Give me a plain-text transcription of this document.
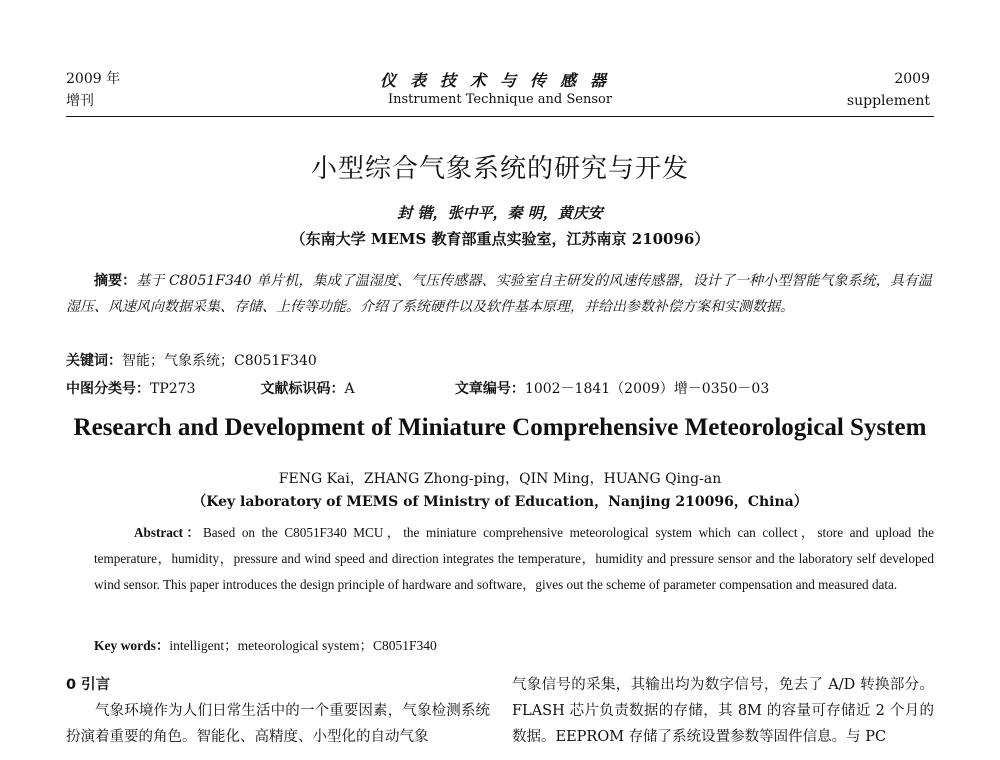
2009 年
增刊
仪表技术与传感器
Instrument Technique and Sensor
2009
supplement
小型综合气象系统的研究与开发
封 锴，张中平，秦 明，黄庆安
（东南大学 MEMS 教育部重点实验室，江苏南京 210096）
摘要：基于 C8051F340 单片机，集成了温湿度、气压传感器、实验室自主研发的风速传感器，设计了一种小型智能气象系统，具有温湿压、风速风向数据采集、存储、上传等功能。介绍了系统硬件以及软件基本原理，并给出参数补偿方案和实测数据。
关键词：智能；气象系统；C8051F340
中图分类号：TP273	文献标识码：A	文章编号：1002－1841（2009）增－0350－03
Research and Development of Miniature Comprehensive Meteorological System
FENG Kai，ZHANG Zhong-ping，QIN Ming，HUANG Qing-an
（Key laboratory of MEMS of Ministry of Education，Nanjing 210096，China）
Abstract：Based on the C8051F340 MCU，the miniature comprehensive meteorological system which can collect，store and upload the temperature，humidity，pressure and wind speed and direction integrates the temperature，humidity and pressure sensor and the laboratory self developed wind sensor. This paper introduces the design principle of hardware and software，gives out the scheme of parameter compensation and measured data.
Key words：intelligent；meteorological system；C8051F340
0 引言
气象环境作为人们日常生活中的一个重要因素，气象检测系统扮演着重要的角色。智能化、高精度、小型化的自动气象
气象信号的采集，其输出均为数字信号，免去了 A/D 转换部分。FLASH 芯片负责数据的存储，其 8M 的容量可存储近 2 个月的数据。EEPROM 存储了系统设置参数等固件信息。与 PC
